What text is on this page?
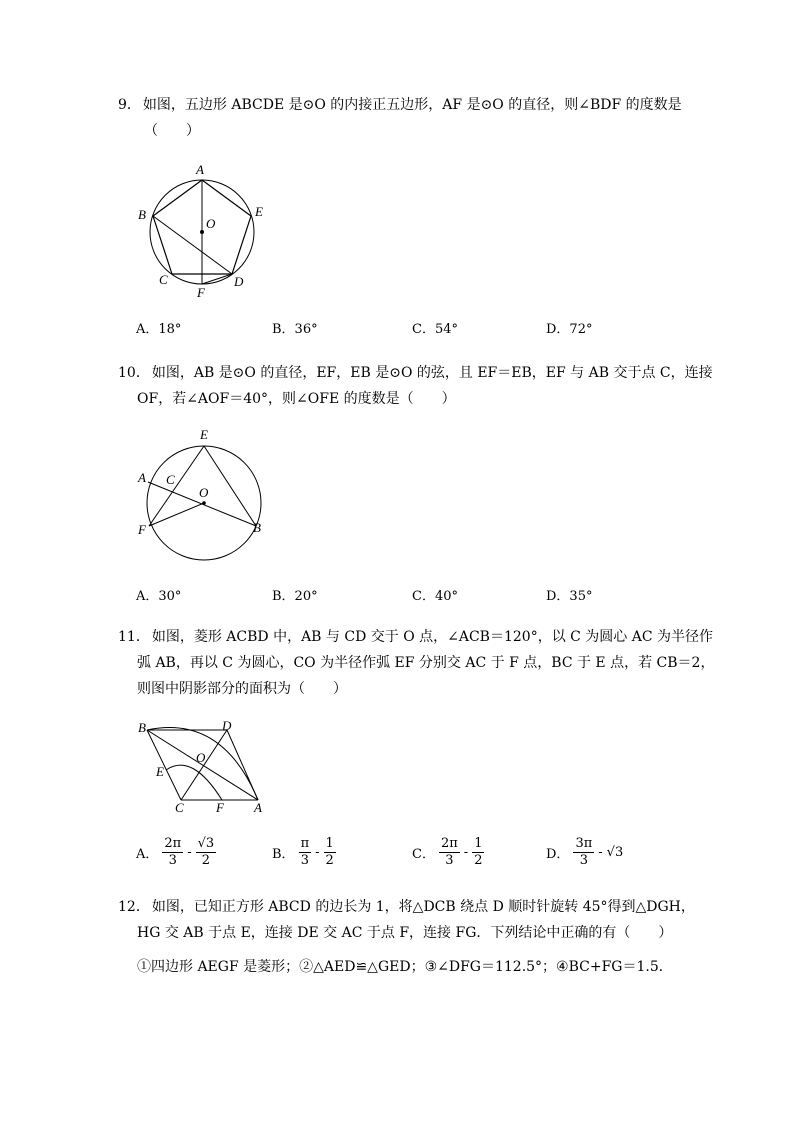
9． 如图，五边形 ABCDE 是⊙O 的内接正五边形，AF 是⊙O 的直径，则∠BDF 的度数是
（　　）
A
B	E
O
C	D
F
A．18°	B．36°	C．54°	D．72°
10． 如图，AB 是⊙O 的直径，EF，EB 是⊙O 的弦，且 EF＝EB，EF 与 AB 交于点 C，连接
OF，若∠AOF＝40°，则∠OFE 的度数是（　　）
E
A C
O
F	B
A．30°	B．20°	C．40°	D．35°
11． 如图，菱形 ACBD 中，AB 与 CD 交于 O 点，∠ACB＝120°，以 C 为圆心 AC 为半径作
弧 AB，再以 C 为圆心，CO 为半径作弧 EF 分别交 AC 于 F 点，BC 于 E 点，若 CB＝2，
则图中阴影部分的面积为（　　）
B	D
O
E
C F A
A． $\frac{2\pi}{3} - \frac{√3}{2}$	B． $\frac{\pi}{3} - \frac{1}{2}$	C． $\frac{2\pi}{3} - \frac{1}{2}$	D． $\frac{3\pi}{3} - √3$
12． 如图，已知正方形 ABCD 的边长为 1，将△DCB 绕点 D 顺时针旋转 45°得到△DGH，
HG 交 AB 于点 E，连接 DE 交 AC 于点 F，连接 FG．下列结论中正确的有（　　）
①四边形 AEGF 是菱形；②△AED≌△GED；③∠DFG＝112.5°；④BC+FG＝1.5．
